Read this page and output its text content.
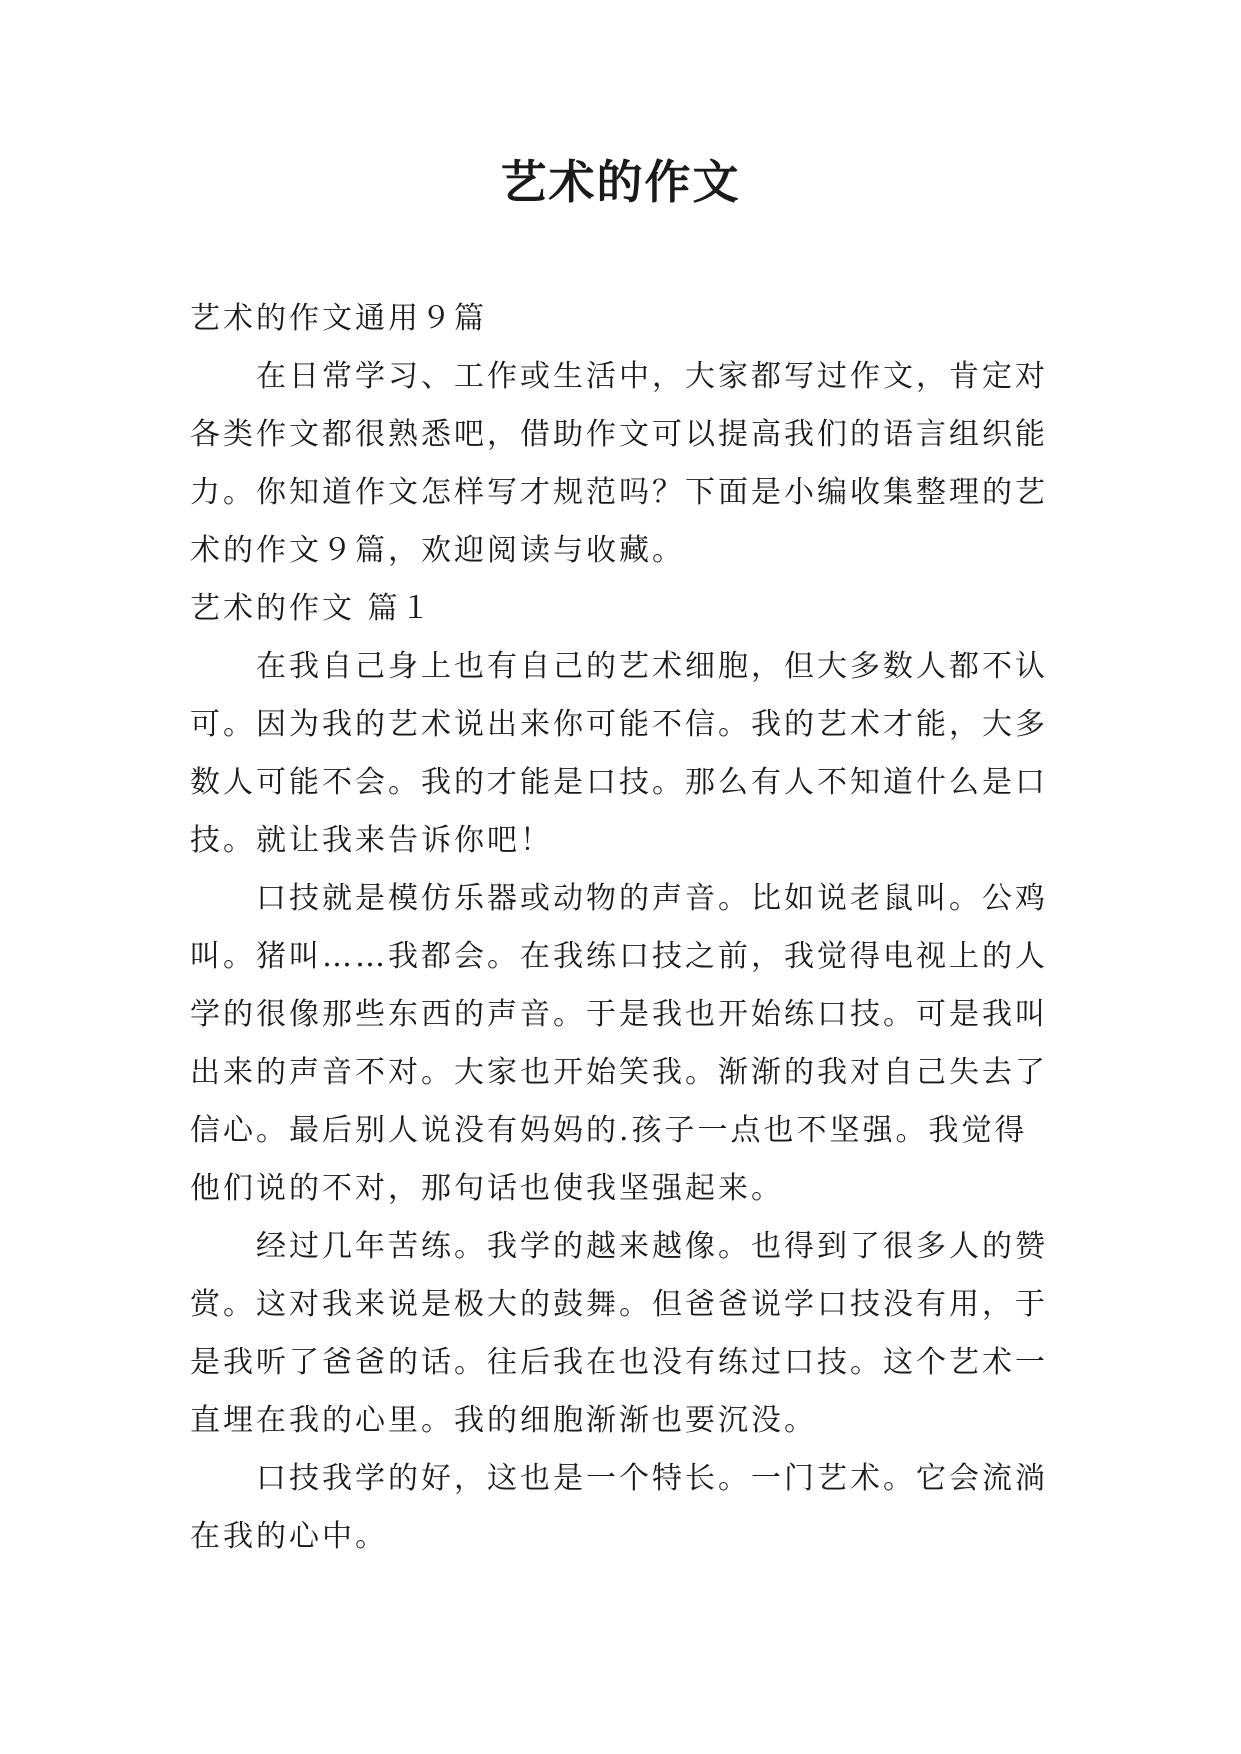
艺术的作文
艺术的作文通用９篇
在日常学习、工作或生活中，大家都写过作文，肯定对
各类作文都很熟悉吧，借助作文可以提高我们的语言组织能
力。你知道作文怎样写才规范吗？下面是小编收集整理的艺
术的作文９篇，欢迎阅读与收藏。
艺术的作文 篇１
在我自己身上也有自己的艺术细胞，但大多数人都不认
可。因为我的艺术说出来你可能不信。我的艺术才能，大多
数人可能不会。我的才能是口技。那么有人不知道什么是口
技。就让我来告诉你吧！
口技就是模仿乐器或动物的声音。比如说老鼠叫。公鸡
叫。猪叫……我都会。在我练口技之前，我觉得电视上的人
学的很像那些东西的声音。于是我也开始练口技。可是我叫
出来的声音不对。大家也开始笑我。渐渐的我对自己失去了
信心。最后别人说没有妈妈的.孩子一点也不坚强。我觉得
他们说的不对，那句话也使我坚强起来。
经过几年苦练。我学的越来越像。也得到了很多人的赞
赏。这对我来说是极大的鼓舞。但爸爸说学口技没有用，于
是我听了爸爸的话。往后我在也没有练过口技。这个艺术一
直埋在我的心里。我的细胞渐渐也要沉没。
口技我学的好，这也是一个特长。一门艺术。它会流淌
在我的心中。
